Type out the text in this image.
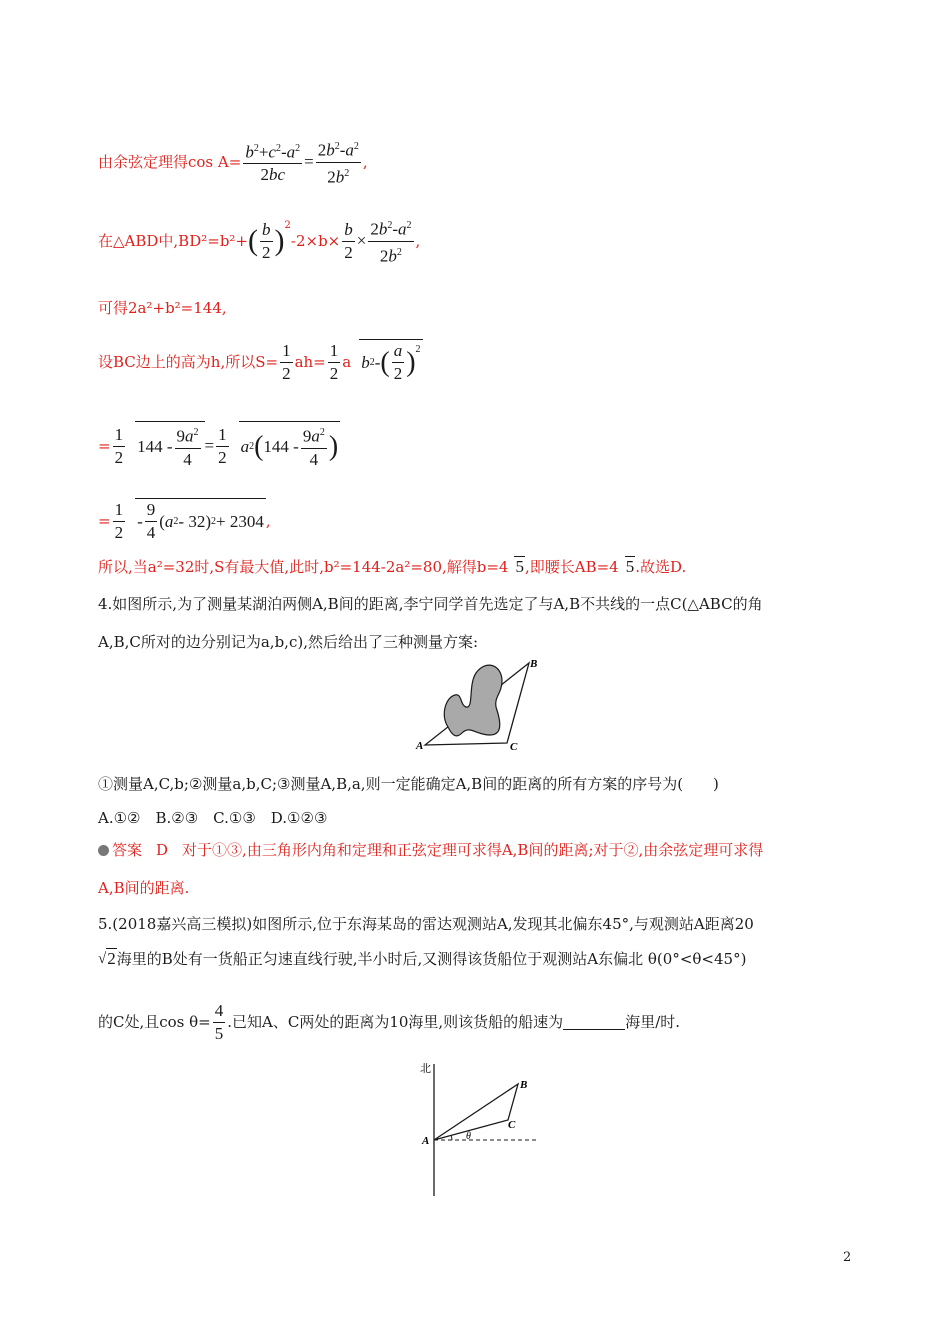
由余弦定理得$\cos A= \frac{b^2+c^2-a^2}{2bc} = \frac{2b^2-a^2}{2b^2}$ ,
在△ABD中,BD²=b²+ ( $\frac{b}{2} )^2$
$-2\times b\times \frac{b}{2} \times \frac{2b^2-a^2}{2b^2}$ ,
可得2a²+b²=144,
设BC边上的高为h,所以$S= \frac{1}{2} ah= \frac{1}{2}$ a b 2 - ( $\frac{a}{2} )^2$
= $\frac{1}{2} 144 - \frac{9a^2}{4} = \frac{1}{2}$ a 2 ( $144 - \frac{9a^2}{4}$ )
= $\frac{1}{2} - \frac{9}{4}$ ( a 2 - 32) 2 + 2304 ,
所以,当a²=32时,S有最大值,此时,b²=144-2a²=80,解得b=4 5 ,即腰长AB=4 5 .故选D.
4.如图所示,为了测量某湖泊两侧A,B间的距离,李宁同学首先选定了与A,B不共线的一点C(△ABC的角
A,B,C所对的边分别记为a,b,c),然后给出了三种测量方案:
A	C
B
①测量A,C,b;②测量a,b,C;③测量A,B,a,则一定能确定A,B间的距离的所有方案的序号为(　　)
A.①②　B.②③　C.①③　D.①②③
答案 D 对于①③,由三角形内角和定理和正弦定理可求得A,B间的距离;对于②,由余弦定理可求得
A,B间的距离.
5.(2018嘉兴高三模拟)如图所示,位于东海某岛的雷达观测站A,发现其北偏东45°,与观测站A距离20
√ 2 海里的B处有一货船正匀速直线行驶,半小时后,又测得该货船位于观测站A东偏北 θ(0°<θ<45°)
的C处,且$\cos \theta= \frac{4}{5}$ .已知A、C两处的距离为10海里,则该货船的船速为	海里/时.
北
A
B
C
θ
2
